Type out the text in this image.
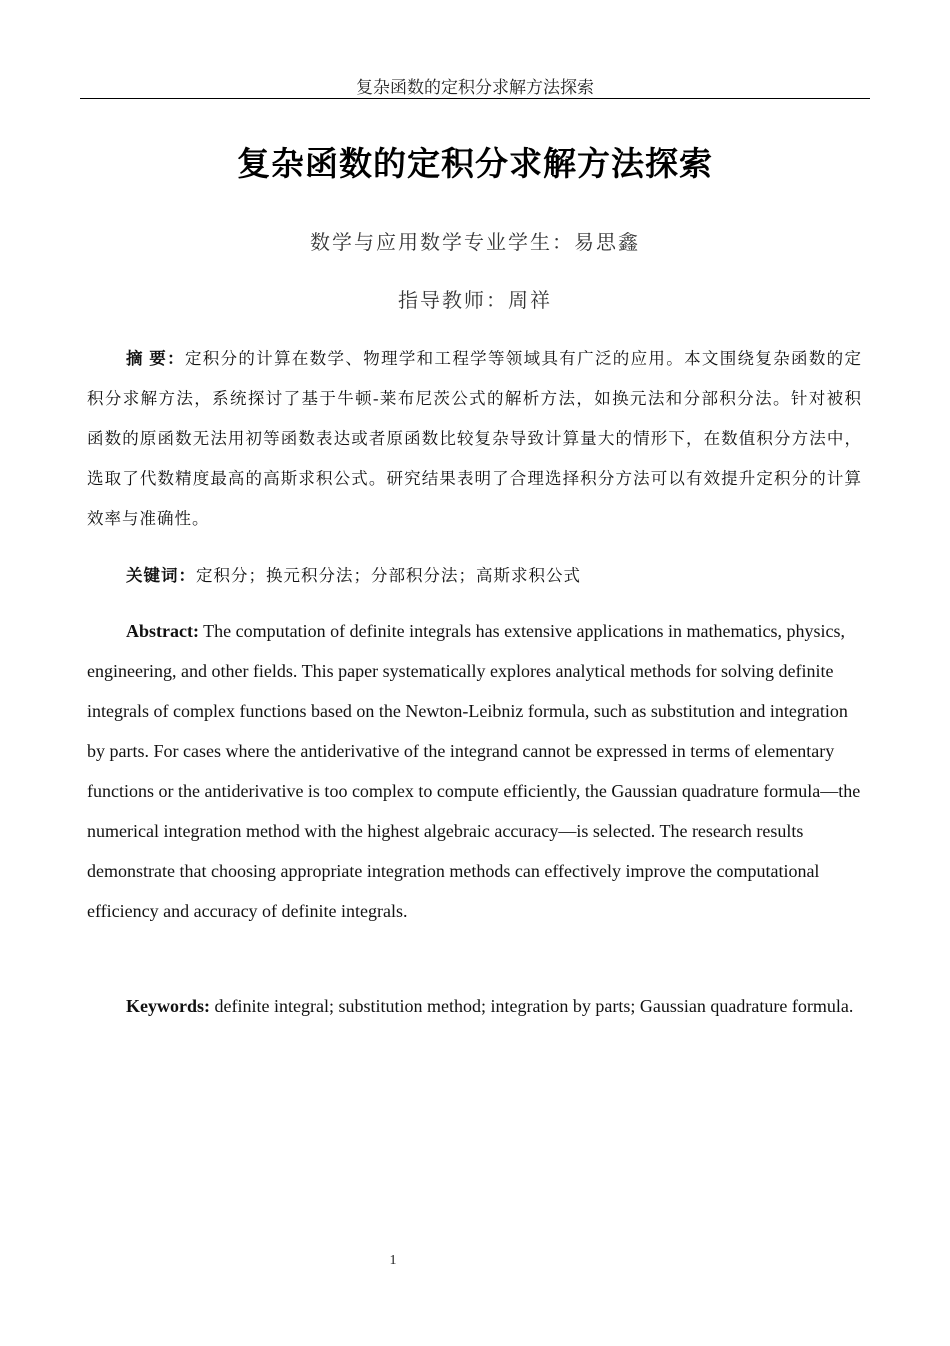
复杂函数的定积分求解方法探索
复杂函数的定积分求解方法探索
数学与应用数学专业学生：易思鑫
指导教师：周祥
摘 要：定积分的计算在数学、物理学和工程学等领域具有广泛的应用。本文围绕复杂函数的定积分求解方法，系统探讨了基于牛顿-莱布尼茨公式的解析方法，如换元法和分部积分法。针对被积函数的原函数无法用初等函数表达或者原函数比较复杂导致计算量大的情形下，在数值积分方法中，选取了代数精度最高的高斯求积公式。研究结果表明了合理选择积分方法可以有效提升定积分的计算效率与准确性。
关键词：定积分；换元积分法；分部积分法；高斯求积公式
Abstract: The computation of definite integrals has extensive applications in mathematics, physics, engineering, and other fields. This paper systematically explores analytical methods for solving definite integrals of complex functions based on the Newton-Leibniz formula, such as substitution and integration by parts. For cases where the antiderivative of the integrand cannot be expressed in terms of elementary functions or the antiderivative is too complex to compute efficiently, the Gaussian quadrature formula—the numerical integration method with the highest algebraic accuracy—is selected. The research results demonstrate that choosing appropriate integration methods can effectively improve the computational efficiency and accuracy of definite integrals.
Keywords: definite integral; substitution method; integration by parts; Gaussian quadrature formula.
1
